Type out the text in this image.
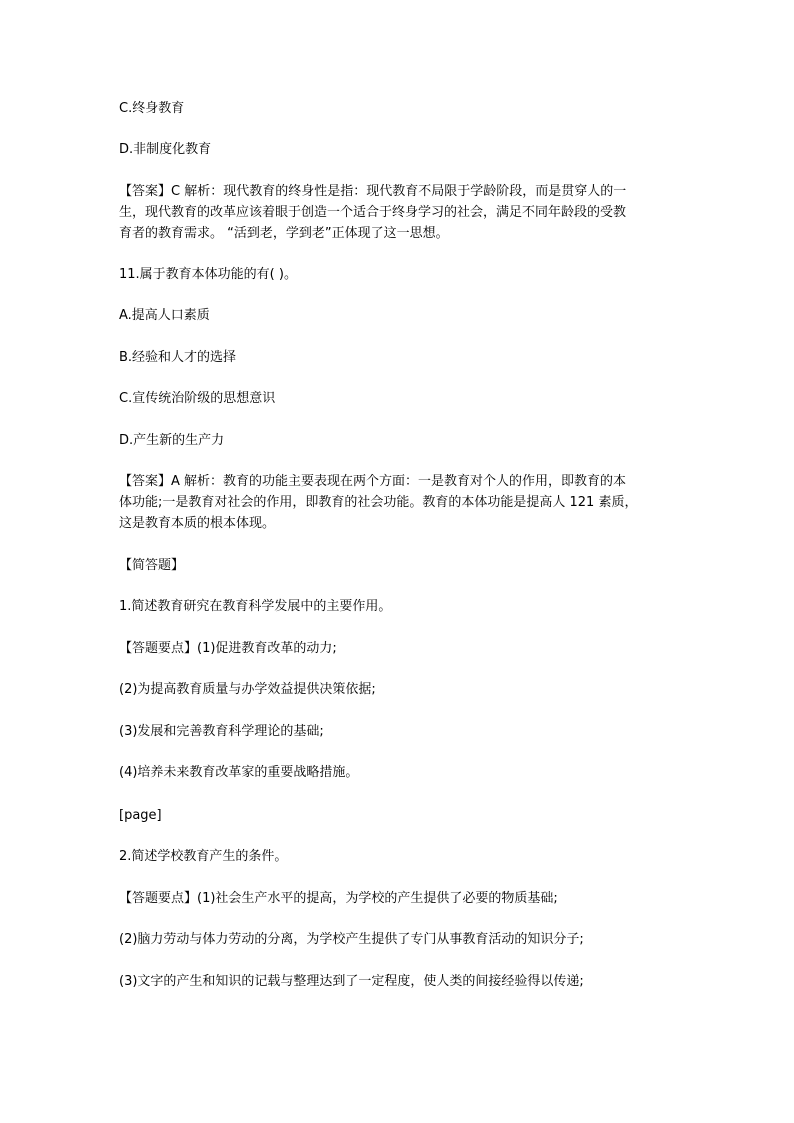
C.终身教育

D.非制度化教育

【答案】C 解析：现代教育的终身性是指：现代教育不局限于学龄阶段，而是贯穿人的一
生，现代教育的改革应该着眼于创造一个适合于终身学习的社会，满足不同年龄段的受教
育者的教育需求。 “活到老，学到老”正体现了这一思想。

11.属于教育本体功能的有( )。

A.提高人口素质

B.经验和人才的选择

C.宣传统治阶级的思想意识

D.产生新的生产力

【答案】A 解析：教育的功能主要表现在两个方面：一是教育对个人的作用，即教育的本
体功能;一是教育对社会的作用，即教育的社会功能。教育的本体功能是提高人 121 素质，
这是教育本质的根本体现。

【简答题】

1.简述教育研究在教育科学发展中的主要作用。

【答题要点】(1)促进教育改革的动力;

(2)为提高教育质量与办学效益提供决策依据;

(3)发展和完善教育科学理论的基础;

(4)培养未来教育改革家的重要战略措施。

[page]

2.简述学校教育产生的条件。

【答题要点】(1)社会生产水平的提高，为学校的产生提供了必要的物质基础;

(2)脑力劳动与体力劳动的分离，为学校产生提供了专门从事教育活动的知识分子;

(3)文字的产生和知识的记载与整理达到了一定程度，使人类的间接经验得以传递;
